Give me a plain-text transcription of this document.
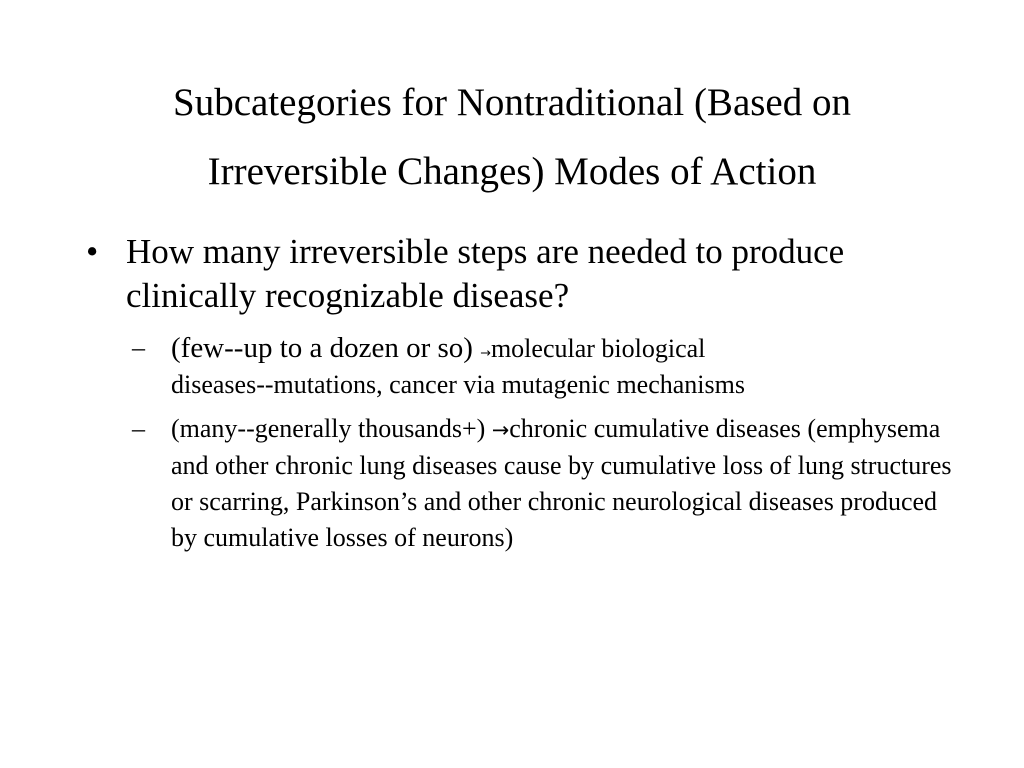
Subcategories for Nontraditional (Based on
Irreversible Changes) Modes of Action
• How many irreversible steps are needed to produce clinically recognizable disease?
– (few--up to a dozen or so) →molecular biological
diseases--mutations, cancer via mutagenic mechanisms
– (many--generally thousands+) →chronic cumulative diseases (emphysema and other chronic lung diseases cause by cumulative loss of lung structures or scarring, Parkinson’s and other chronic neurological diseases produced by cumulative losses of neurons)
